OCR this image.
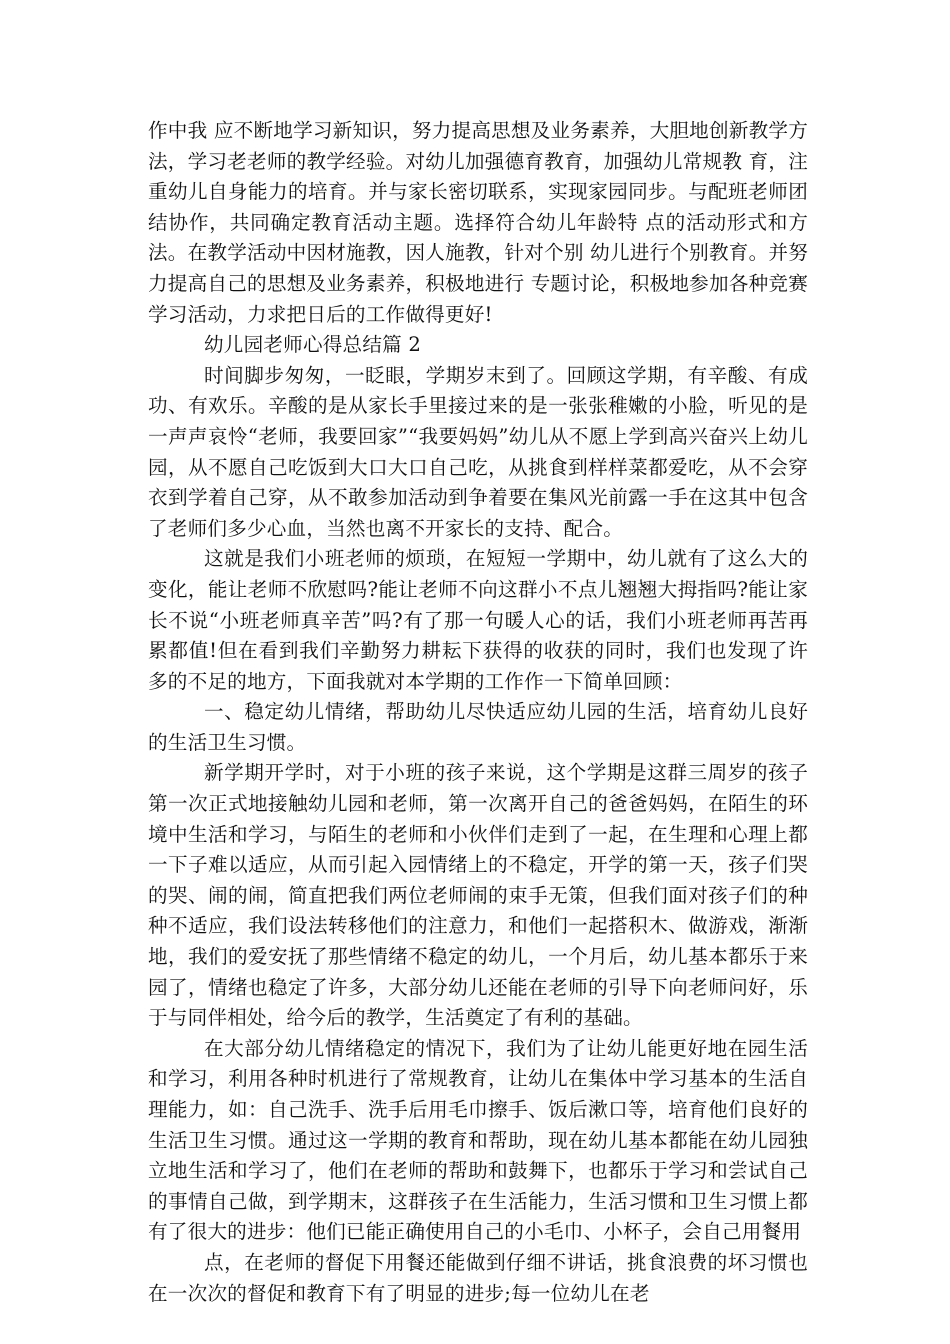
作中我 应不断地学习新知识，努力提高思想及业务素养，大胆地创新教学方 法，学习老老师的教学经验。对幼儿加强德育教育，加强幼儿常规教 育，注重幼儿自身能力的培育。并与家长密切联系，实现家园同步。与配班老师团结协作，共同确定教育活动主题。选择符合幼儿年龄特 点的活动形式和方法。在教学活动中因材施教，因人施教，针对个别 幼儿进行个别教育。并努力提高自己的思想及业务素养，积极地进行 专题讨论，积极地参加各种竞赛学习活动，力求把日后的工作做得更好!

幼儿园老师心得总结篇 2

时间脚步匆匆，一眨眼，学期岁末到了。回顾这学期，有辛酸、有成功、有欢乐。辛酸的是从家长手里接过来的是一张张稚嫩的小脸，听见的是一声声哀怜“老师，我要回家”“我要妈妈”幼儿从不愿上学到高兴奋兴上幼儿园，从不愿自己吃饭到大口大口自己吃，从挑食到样样菜都爱吃，从不会穿衣到学着自己穿，从不敢参加活动到争着要在集风光前露一手在这其中包含了老师们多少心血，当然也离不开家长的支持、配合。

这就是我们小班老师的烦琐，在短短一学期中，幼儿就有了这么大的变化，能让老师不欣慰吗?能让老师不向这群小不点儿翘翘大拇指吗?能让家长不说“小班老师真辛苦”吗?有了那一句暖人心的话，我们小班老师再苦再累都值!但在看到我们辛勤努力耕耘下获得的收获的同时，我们也发现了许多的不足的地方，下面我就对本学期的工作作一下简单回顾：

一、稳定幼儿情绪，帮助幼儿尽快适应幼儿园的生活，培育幼儿良好的生活卫生习惯。

新学期开学时，对于小班的孩子来说，这个学期是这群三周岁的孩子第一次正式地接触幼儿园和老师，第一次离开自己的爸爸妈妈，在陌生的环境中生活和学习，与陌生的老师和小伙伴们走到了一起，在生理和心理上都一下子难以适应，从而引起入园情绪上的不稳定，开学的第一天，孩子们哭的哭、闹的闹，简直把我们两位老师闹的束手无策，但我们面对孩子们的种种不适应，我们设法转移他们的注意力，和他们一起搭积木、做游戏，渐渐地，我们的爱安抚了那些情绪不稳定的幼儿，一个月后，幼儿基本都乐于来园了，情绪也稳定了许多，大部分幼儿还能在老师的引导下向老师问好，乐于与同伴相处，给今后的教学，生活奠定了有利的基础。

在大部分幼儿情绪稳定的情况下，我们为了让幼儿能更好地在园生活和学习，利用各种时机进行了常规教育，让幼儿在集体中学习基本的生活自理能力，如：自己洗手、洗手后用毛巾擦手、饭后漱口等，培育他们良好的生活卫生习惯。通过这一学期的教育和帮助，现在幼儿基本都能在幼儿园独立地生活和学习了，他们在老师的帮助和鼓舞下，也都乐于学习和尝试自己的事情自己做，到学期末，这群孩子在生活能力，生活习惯和卫生习惯上都有了很大的进步：他们已能正确使用自己的小毛巾、小杯子，会自己用餐用

点，在老师的督促下用餐还能做到仔细不讲话，挑食浪费的坏习惯也在一次次的督促和教育下有了明显的进步;每一位幼儿在老
